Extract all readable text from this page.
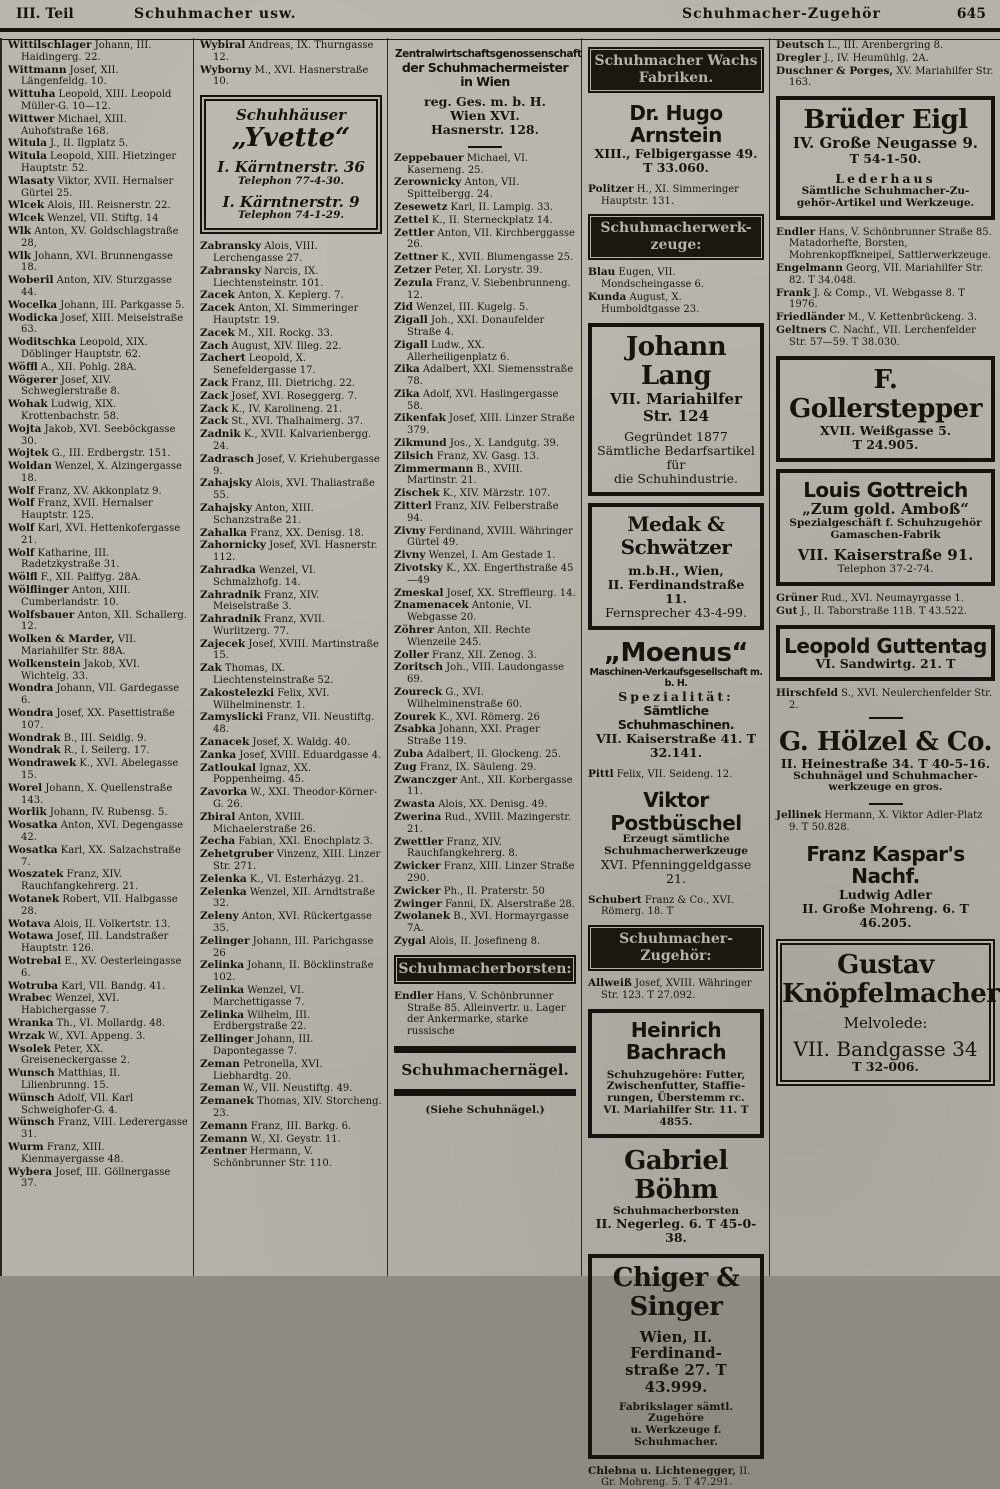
III. Teil	Schuhmacher usw.	Schuhmacher-Zugehör	645
Wittilschlager Johann, III. Haidingerg. 22.
Wittmann Josef, XII. Längenfeldg. 10.
Wittuha Leopold, XIII. Leopold Müller-G. 10—12.
Wittwer Michael, XIII. Auhofstraße 168.
Witula J., II. Ilgplatz 5.
Witula Leopold, XIII. Hietzinger Hauptstr. 52.
Wlasaty Viktor, XVII. Hernalser Gürtel 25.
Wlcek Alois, III. Reisnerstr. 22.
Wlcek Wenzel, VII. Stiftg. 14
Wlk Anton, XV. Goldschlagstraße 28,
Wlk Johann, XVI. Brunnengasse 18.
Woberil Anton, XIV. Sturzgasse 44.
Wocelka Johann, III. Parkgasse 5.
Wodicka Josef, XIII. Meiselstraße 63.
Woditschka Leopold, XIX. Döblinger Hauptstr. 62.
Wöffl A., XII. Pohlg. 28A.
Wögerer Josef, XIV. Schweglerstraße 8.
Wohak Ludwig, XIX. Krottenbachstr. 58.
Wojta Jakob, XVI. Seeböckgasse 30.
Wojtek G., III. Erdbergstr. 151.
Woldan Wenzel, X. Alzingergasse 18.
Wolf Franz, XV. Akkonplatz 9.
Wolf Franz, XVII. Hernalser Hauptstr. 125.
Wolf Karl, XVI. Hettenkofergasse 21.
Wolf Katharine, III. Radetzkystraße 31.
Wölfl F., XII. Palffyg. 28A.
Wölflinger Anton, XIII. Cumberlandstr. 10.
Wolfsbauer Anton, XII. Schallerg. 12.
Wolken & Marder, VII. Mariahilfer Str. 88A.
Wolkenstein Jakob, XVI. Wichtelg. 33.
Wondra Johann, VII. Gardegasse 6.
Wondra Josef, XX. Pasettistraße 107.
Wondrak B., III. Seidlg. 9.
Wondrak R., I. Seilerg. 17.
Wondrawek K., XVI. Abelegasse 15.
Worel Johann, X. Quellenstraße 143.
Worlik Johann, IV. Rubensg. 5.
Wosatka Anton, XVI. Degengasse 42.
Wosatka Karl, XX. Salzachstraße 7.
Woszatek Franz, XIV. Rauchfangkehrerg. 21.
Wotanek Robert, VII. Halbgasse 28.
Wotava Alois, II. Volkertstr. 13.
Wotawa Josef, III. Landstraßer Hauptstr. 126.
Wotrebal E., XV. Oesterleingasse 6.
Wotruba Karl, VII. Bandg. 41.
Wrabec Wenzel, XVI. Habichergasse 7.
Wranka Th., VI. Mollardg. 48.
Wrzak W., XVI. Appeng. 3.
Wsolek Peter, XX. Greiseneckergasse 2.
Wunsch Matthias, II. Lilienbrunng. 15.
Wünsch Adolf, VII. Karl Schweighofer-G. 4.
Wünsch Franz, VIII. Lederergasse 31.
Wurm Franz, XIII. Kienmayergasse 48.
Wybera Josef, III. Göllnergasse 37.
Wybiral Andreas, IX. Thurngasse 12.
Wyborny M., XVI. Hasnerstraße 10.
Schuhhäuser
„Yvette“
I. Kärntnerstr. 36
Telephon 77-4-30.
I. Kärntnerstr. 9
Telephon 74-1-29.
Zabransky Alois, VIII. Lerchengasse 27.
Zabransky Narcis, IX. Liechtensteinstr. 101.
Zacek Anton, X. Keplerg. 7.
Zacek Anton, XI. Simmeringer Hauptstr. 19.
Zacek M., XII. Rockg. 33.
Zach August, XIV. Illeg. 22.
Zachert Leopold, X. Senefeldergasse 17.
Zack Franz, III. Dietrichg. 22.
Zack Josef, XVI. Roseggerg. 7.
Zack K., IV. Karolineng. 21.
Zack St., XVI. Thalhaimerg. 37.
Zadnik K., XVII. Kalvarienbergg. 24.
Zadrasch Josef, V. Kriehubergasse 9.
Zahajsky Alois, XVI. Thaliastraße 55.
Zahajsky Anton, XIII. Schanzstraße 21.
Zahalka Franz, XX. Denisg. 18.
Zahornicky Josef, XVI. Hasnerstr. 112.
Zahradka Wenzel, VI. Schmalzhofg. 14.
Zahradnik Franz, XIV. Meiselstraße 3.
Zahradnik Franz, XVII. Wurlitzerg. 77.
Zajecek Josef, XVIII. Martinstraße 15.
Zak Thomas, IX. Liechtensteinstraße 52.
Zakostelezki Felix, XVI. Wilhelminenstr. 1.
Zamyslicki Franz, VII. Neustiftg. 48.
Zanacek Josef, X. Waldg. 40.
Zanka Josef, XVIII. Eduardgasse 4.
Zatloukal Ignaz, XX. Poppenheimg. 45.
Zavorka W., XXI. Theodor-Körner-G. 26.
Zbiral Anton, XVIII. Michaelerstraße 26.
Zecha Fabian, XXI. Enochplatz 3.
Zehetgruber Vinzenz, XIII. Linzer Str. 271.
Zelenka K., VI. Esterházyg. 21.
Zelenka Wenzel, XII. Arndtstraße 32.
Zeleny Anton, XVI. Rückertgasse 35.
Zelinger Johann, III. Parichgasse 26
Zelinka Johann, II. Böcklinstraße 102.
Zelinka Wenzel, VI. Marchettigasse 7.
Zelinka Wilhelm, III. Erdbergstraße 22.
Zellinger Johann, III. Dapontegasse 7.
Zeman Petronella, XVI. Liebhardtg. 20.
Zeman W., VII. Neustiftg. 49.
Zemanek Thomas, XIV. Storcheng. 23.
Zemann Franz, III. Barkg. 6.
Zemann W., XI. Geystr. 11.
Zentner Hermann, V. Schönbrunner Str. 110.
Zentralwirtschaftsgenossenschaft
der Schuhmachermeister in Wien
reg. Ges. m. b. H.
Wien XVI.
Hasnerstr. 128.
Zeppebauer Michael, VI. Kaserneng. 25.
Zerownicky Anton, VII. Spittelbergg. 24.
Zesewetz Karl, II. Lampig. 33.
Zettel K., II. Sterneckplatz 14.
Zettler Anton, VII. Kirchberggasse 26.
Zettner K., XVII. Blumengasse 25.
Zetzer Peter, XI. Lorystr. 39.
Zezula Franz, V. Siebenbrunneng. 12.
Zid Wenzel, III. Kugelg. 5.
Zigall Joh., XXI. Donaufelder Straße 4.
Zigall Ludw., XX. Allerheiligenplatz 6.
Zika Adalbert, XXI. Siemensstraße 78.
Zika Adolf, XVI. Haslingergasse 58.
Zikenfak Josef, XIII. Linzer Straße 379.
Zikmund Jos., X. Landgutg. 39.
Zilsich Franz, XV. Gasg. 13.
Zimmermann B., XVIII. Martinstr. 21.
Zischek K., XIV. Märzstr. 107.
Zitterl Franz, XIV. Felberstraße 94.
Zivny Ferdinand, XVIII. Währinger Gürtel 49.
Zivny Wenzel, I. Am Gestade 1.
Zivotsky K., XX. Engerthstraße 45—49
Zmeskal Josef, XX. Streffleurg. 14.
Znamenacek Antonie, VI. Webgasse 20.
Zöhrer Anton, XII. Rechte Wienzeile 245.
Zoller Franz, XII. Zenog. 3.
Zoritsch Joh., VIII. Laudongasse 69.
Zoureck G., XVI. Wilhelminenstraße 60.
Zourek K., XVI. Römerg. 26
Zsabka Johann, XXI. Prager Straße 119.
Zuba Adalbert, II. Glockeng. 25.
Zug Franz, IX. Säuleng. 29.
Zwanczger Ant., XII. Korbergasse 11.
Zwasta Alois, XX. Denisg. 49.
Zwerina Rud., XVIII. Mazingerstr. 21.
Zwettler Franz, XIV. Rauchfangkehrerg. 8.
Zwicker Franz, XIII. Linzer Straße 290.
Zwicker Ph., II. Praterstr. 50
Zwinger Fanni, IX. Alserstraße 28.
Zwolanek B., XVI. Hormayrgasse 7A.
Zygal Alois, II. Josefineng 8.
Schuhmacherborsten:
Endler Hans, V. Schönbrunner Straße 85. Alleinvertr. u. Lager der Ankermarke, starke russische
Schuhmachernägel.
(Siehe Schuhnägel.)
Schuhmacher Wachs
Fabriken.
Dr. Hugo Arnstein
XIII., Felbigergasse 49. T 33.060.
Politzer H., XI. Simmeringer Hauptstr. 131.
Schuhmacherwerk-
zeuge:
Blau Eugen, VII. Mondscheingasse 6.
Kunda August, X. Humboldtgasse 23.
Johann Lang
VII. Mariahilfer Str. 124
Gegründet 1877
Sämtliche Bedarfsartikel für
die Schuhindustrie.
Medak & Schwätzer
m.b.H., Wien,
II. Ferdinandstraße 11.
Fernsprecher 43-4-99.
„Moenus“
Maschinen-Verkaufsgesellschaft m. b. H.
Spezialität:
Sämtliche Schuhmaschinen.
VII. Kaiserstraße 41. T 32.141.
Pittl Felix, VII. Seideng. 12.
Viktor Postbüschel
Erzeugt sämtliche
Schuhmacherwerkzeuge
XVI. Pfenninggeldgasse 21.
Schubert Franz & Co., XVI. Römerg. 18. T
Schuhmacher-Zugehör:
Allweiß Josef, XVIII. Währinger Str. 123. T 27.092.
Heinrich Bachrach
Schuhzugehöre: Futter,
Zwischenfutter, Staffie-
rungen, Überstemm rc.
VI. Mariahilfer Str. 11. T 4855.
Gabriel Böhm
Schuhmacherborsten
II. Negerleg. 6. T 45-0-38.
Chiger & Singer
Wien, II. Ferdinand-
straße 27. T 43.999.
Fabrikslager sämtl. Zugehöre
u. Werkzeuge f. Schuhmacher.
Chlebna u. Lichtenegger, II. Gr. Mohreng. 5. T 47.291.
Deutsch L., III. Arenbergring 8.
Dregler J., IV. Heumühlg. 2A.
Duschner & Porges, XV. Mariahilfer Str. 163.
Brüder Eigl
IV. Große Neugasse 9.
T 54-1-50.
Lederhaus
Sämtliche Schuhmacher-Zu-
gehör-Artikel und Werkzeuge.
Endler Hans, V. Schönbrunner Straße 85. Matadorhefte, Borsten, Mohrenkopffkneipel, Sattlerwerkzeuge.
Engelmann Georg, VII. Mariahilfer Str. 82. T 34.048.
Frank J. & Comp., VI. Webgasse 8. T 1976.
Friedländer M., V. Kettenbrückeng. 3.
Geltners C. Nachf., VII. Lerchenfelder Str. 57—59. T 38.030.
F. Gollerstepper
XVII. Weißgasse 5.
T 24.905.
Louis Gottreich
„Zum gold. Amboß“
Spezialgeschäft f. Schuhzugehör
Gamaschen-Fabrik
VII. Kaiserstraße 91.
Telephon 37-2-74.
Grüner Rud., XVI. Neumayrgasse 1.
Gut J., II. Taborstraße 11B. T 43.522.
Leopold Guttentag
VI. Sandwirtg. 21. T
Hirschfeld S., XVI. Neulerchenfelder Str. 2.
G. Hölzel & Co.
II. Heinestraße 34. T 40-5-16.
Schuhnägel und Schuhmacher-
werkzeuge en gros.
Jellinek Hermann, X. Viktor Adler-Platz 9. T 50.828.
Franz Kaspar's Nachf.
Ludwig Adler
II. Große Mohreng. 6. T 46.205.
Gustav
Knöpfelmacher
Melvolede:
VII. Bandgasse 34
T 32-006.
